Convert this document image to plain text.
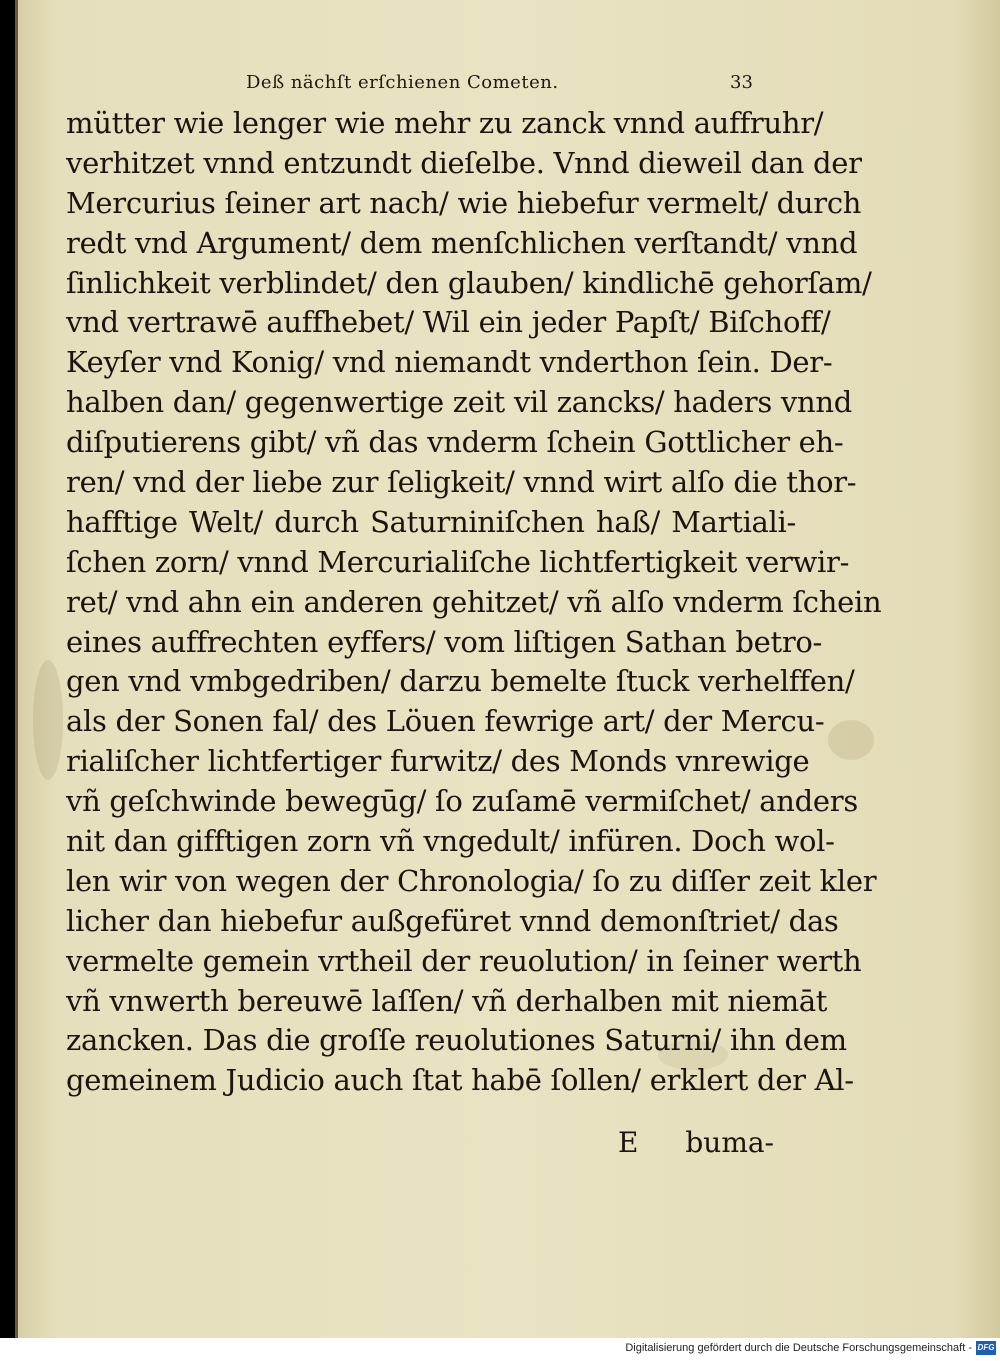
Deß nächſt erſchienen Cometen.	33
mütter wie lenger wie mehr zu zanck vnnd auffruhr/
verhitzet vnnd entzundt dieſelbe. Vnnd dieweil dan der
Mercurius ſeiner art nach/ wie hiebefur vermelt/ durch
redt vnd Argument/ dem menſchlichen verſtandt/ vnnd
ſinlichkeit verblindet/ den glauben/ kindlichē gehorſam/
vnd vertrawē auffhebet/ Wil ein jeder Papſt/ Biſchoff/
Keyſer vnd Konig/ vnd niemandt vnderthon ſein. Der-
halben dan/ gegenwertige zeit vil zancks/ haders vnnd
diſputierens gibt/ vñ das vnderm ſchein Gottlicher eh-
ren/ vnd der liebe zur ſeligkeit/ vnnd wirt alſo die thor-
hafftige Welt/ durch Saturniniſchen haß/ Martiali-
ſchen zorn/ vnnd Mercurialiſche lichtfertigkeit verwir-
ret/ vnd ahn ein anderen gehitzet/ vñ alſo vnderm ſchein
eines auffrechten eyffers/ vom liſtigen Sathan betro-
gen vnd vmbgedriben/ darzu bemelte ſtuck verhelffen/
als der Sonen fal/ des Löuen fewrige art/ der Mercu-
rialiſcher lichtfertiger furwitz/ des Monds vnrewige
vñ geſchwinde bewegūg/ ſo zuſamē vermiſchet/ anders
nit dan gifftigen zorn vñ vngedult/ infüren. Doch wol-
len wir von wegen der Chronologia/ ſo zu diſſer zeit kler
licher dan hiebefur außgefüret vnnd demonſtriet/ das
vermelte gemein vrtheil der reuolution/ in ſeiner werth
vñ vnwerth bereuwē laſſen/ vñ derhalben mit niemāt
zancken. Das die groſſe reuolutiones Saturni/ ihn dem
gemeinem Judicio auch ſtat habē ſollen/ erklert der Al-
E buma-
Digitalisierung gefördert durch die Deutsche Forschungsgemeinschaft - DFG
